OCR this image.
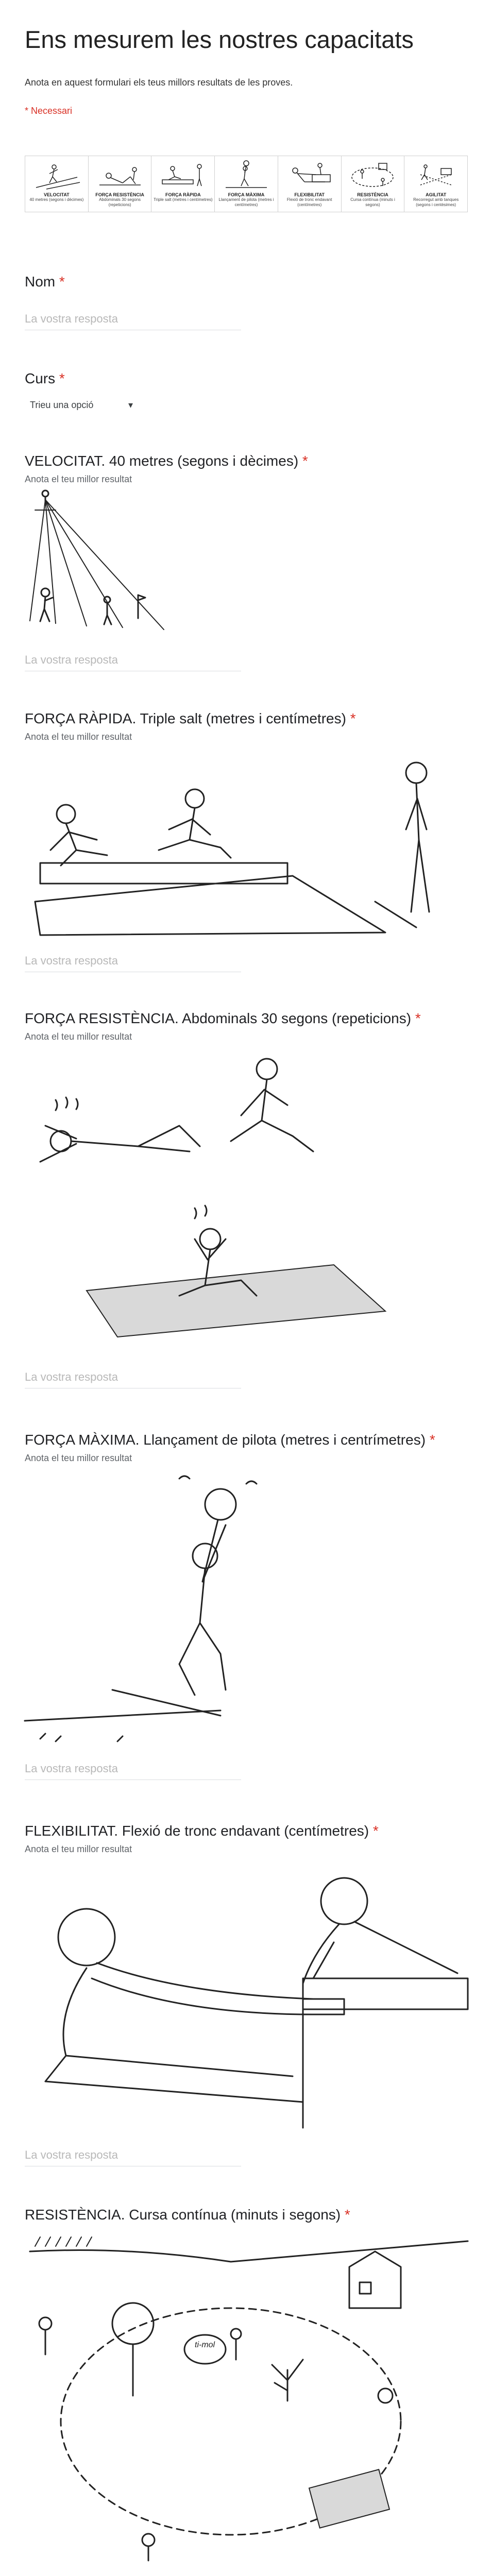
Ens mesurem les nostres capacitats
Anota en aquest formulari els teus millors resultats de les proves.
* Necessari
VELOCITAT
40 metres (segons i dècimes)
FORÇA RESISTÈNCIA
Abdominals 30 segons (repeticions)
FORÇA RÀPIDA
Triple salt (metres i centímetres)
FORÇA MÀXIMA
Llançament de pilota (metres i centímetres)
FLEXIBILITAT
Flexió de tronc endavant (centímetres)
RESISTÈNCIA
Cursa contínua (minuts i segons)
AGILITAT
Recorregut amb tanques (segons i centèsimes)
Nom *
La vostra resposta
Curs *
Trieu una opció	▾
VELOCITAT. 40 metres (segons i dècimes) *
Anota el teu millor resultat
La vostra resposta
FORÇA RÀPIDA. Triple salt (metres i centímetres) *
Anota el teu millor resultat
La vostra resposta
FORÇA RESISTÈNCIA. Abdominals 30 segons (repeticions) *
Anota el teu millor resultat
La vostra resposta
FORÇA MÀXIMA. Llançament de pilota (metres i centrímetres) *
Anota el teu millor resultat
La vostra resposta
FLEXIBILITAT. Flexió de tronc endavant (centímetres) *
Anota el teu millor resultat
La vostra resposta
RESISTÈNCIA. Cursa contínua (minuts i segons) *
ti-mol
